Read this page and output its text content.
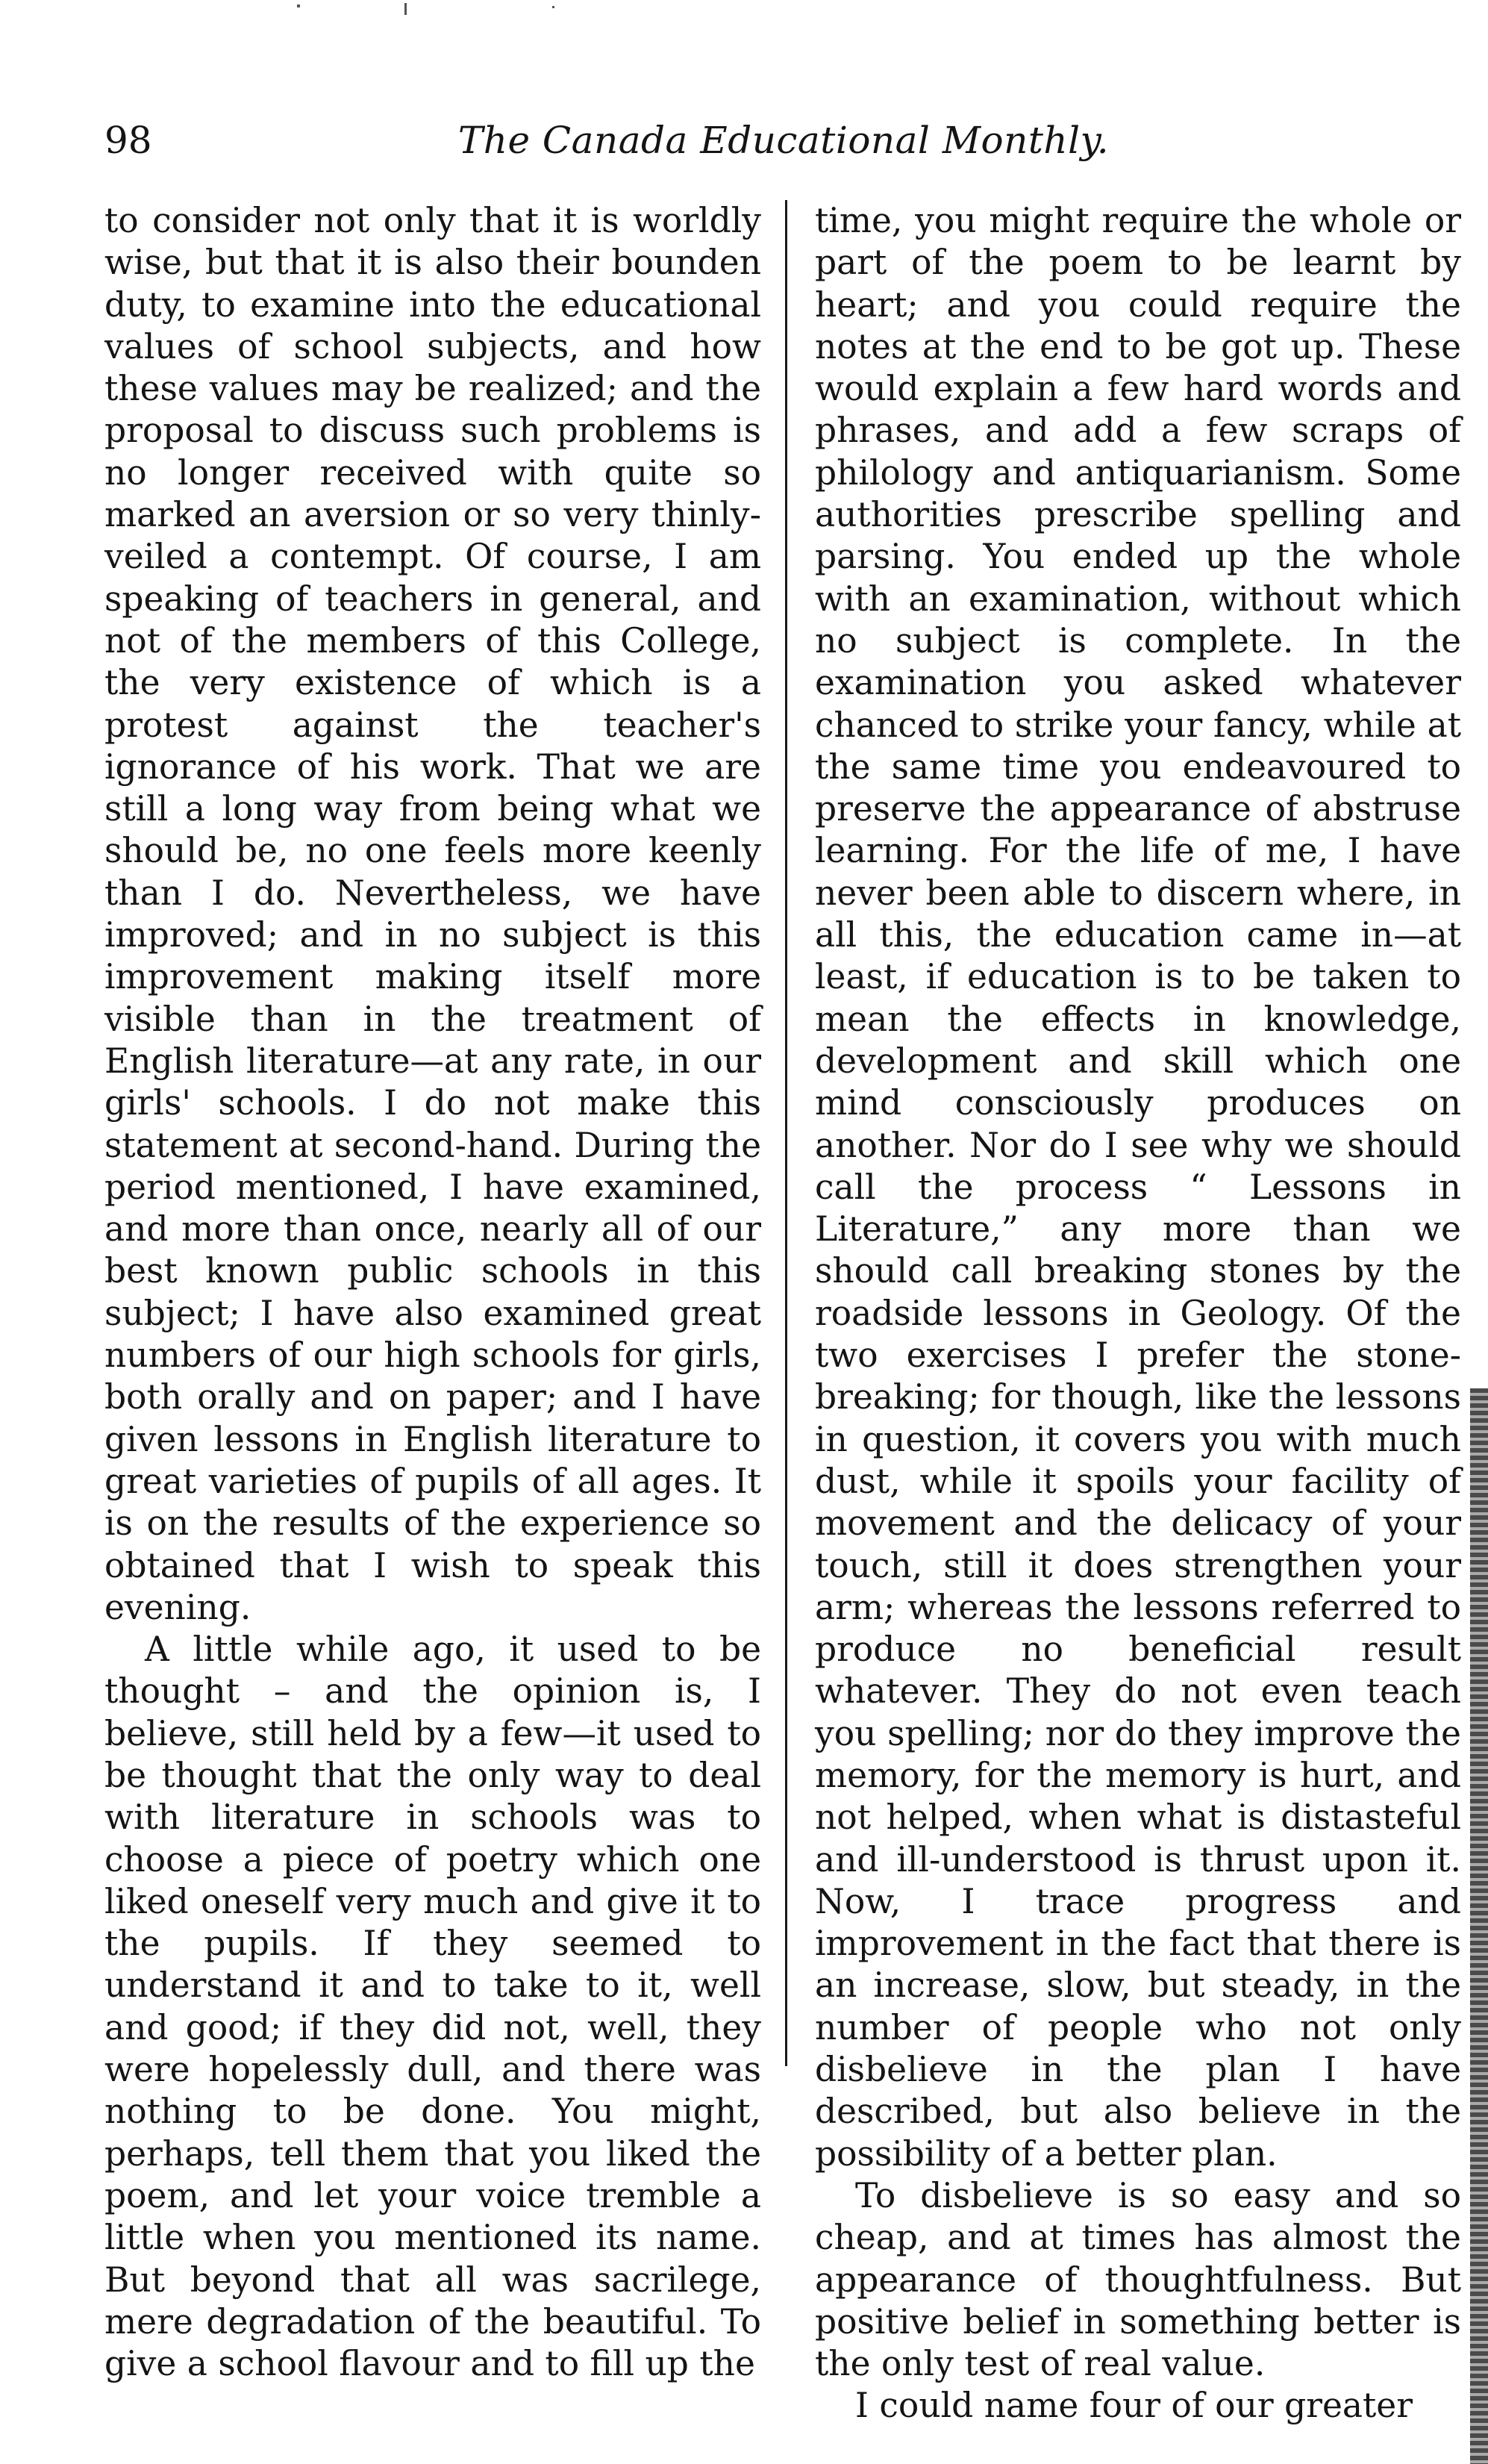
98	The Canada Educational Monthly.

to consider not only that it is worldly wise, but that it is also their bounden duty, to examine into the educational values of school subjects, and how these values may be realized; and the proposal to discuss such problems is no longer received with quite so marked an aversion or so very thinly-veiled a contempt. Of course, I am speaking of teachers in general, and not of the members of this College, the very existence of which is a protest against the teacher's ignorance of his work. That we are still a long way from being what we should be, no one feels more keenly than I do. Nevertheless, we have improved; and in no subject is this improvement making itself more visible than in the treatment of English literature—at any rate, in our girls' schools. I do not make this statement at second-hand. During the period mentioned, I have examined, and more than once, nearly all of our best known public schools in this subject; I have also examined great numbers of our high schools for girls, both orally and on paper; and I have given lessons in English literature to great varieties of pupils of all ages. It is on the results of the experience so obtained that I wish to speak this evening.

A little while ago, it used to be thought – and the opinion is, I believe, still held by a few—it used to be thought that the only way to deal with literature in schools was to choose a piece of poetry which one liked oneself very much and give it to the pupils. If they seemed to understand it and to take to it, well and good; if they did not, well, they were hopelessly dull, and there was nothing to be done. You might, perhaps, tell them that you liked the poem, and let your voice tremble a little when you mentioned its name. But beyond that all was sacrilege, mere degradation of the beautiful. To give a school flavour and to fill up the

time, you might require the whole or part of the poem to be learnt by heart; and you could require the notes at the end to be got up. These would explain a few hard words and phrases, and add a few scraps of philology and antiquarianism. Some authorities prescribe spelling and parsing. You ended up the whole with an examination, without which no subject is complete. In the examination you asked whatever chanced to strike your fancy, while at the same time you endeavoured to preserve the appearance of abstruse learning. For the life of me, I have never been able to discern where, in all this, the education came in—at least, if education is to be taken to mean the effects in knowledge, development and skill which one mind consciously produces on another. Nor do I see why we should call the process “ Lessons in Literature,” any more than we should call breaking stones by the roadside lessons in Geology. Of the two exercises I prefer the stone-breaking; for though, like the lessons in question, it covers you with much dust, while it spoils your facility of movement and the delicacy of your touch, still it does strengthen your arm; whereas the lessons referred to produce no beneficial result whatever. They do not even teach you spelling; nor do they improve the memory, for the memory is hurt, and not helped, when what is distasteful and ill-understood is thrust upon it. Now, I trace progress and improvement in the fact that there is an increase, slow, but steady, in the number of people who not only disbelieve in the plan I have described, but also believe in the possibility of a better plan.

To disbelieve is so easy and so cheap, and at times has almost the appearance of thoughtfulness. But positive belief in something better is the only test of real value.

I could name four of our greater
